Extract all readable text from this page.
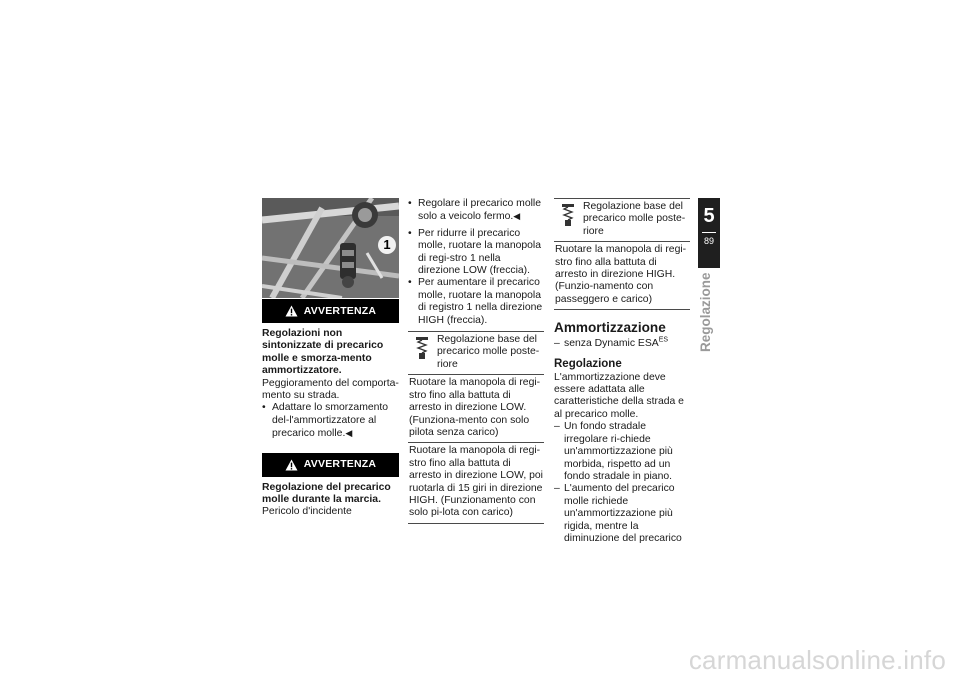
1
AVVERTENZA
Regolazioni non sintonizzate di precarico molle e smorza-mento ammortizzatore.

Peggioramento del comporta-mento su strada.

• Adattare lo smorzamento del-l'ammortizzatore al precarico molle.◀
AVVERTENZA
Regolazione del precarico molle durante la marcia.

Pericolo d'incidente

• Regolare il precarico molle solo a veicolo fermo.◀
• Per ridurre il precarico molle, ruotare la manopola di regi-stro 1 nella direzione LOW (freccia).
• Per aumentare il precarico molle, ruotare la manopola di registro 1 nella direzione HIGH (freccia).
Regolazione base del precarico molle poste-riore
Ruotare la manopola di regi-stro fino alla battuta di arresto in direzione LOW. (Funziona-mento con solo pilota senza carico)
Ruotare la manopola di regi-stro fino alla battuta di arresto in direzione LOW, poi ruotarla di 15 giri in direzione HIGH. (Funzionamento con solo pi-lota con carico)
Regolazione base del precarico molle poste-riore
Ruotare la manopola di regi-stro fino alla battuta di arresto in direzione HIGH. (Funzio-namento con passeggero e carico)
Ammortizzazione
– senza Dynamic $ESA^{ES}$
Regolazione

L'ammortizzazione deve essere adattata alle caratteristiche della strada e al precarico molle.

– Un fondo stradale irregolare ri-chiede un'ammortizzazione più morbida, rispetto ad un fondo stradale in piano.
– L'aumento del precarico molle richiede un'ammortizzazione più rigida, mentre la diminuzione del precarico
5
89
Regolazione
carmanualsonline.info
